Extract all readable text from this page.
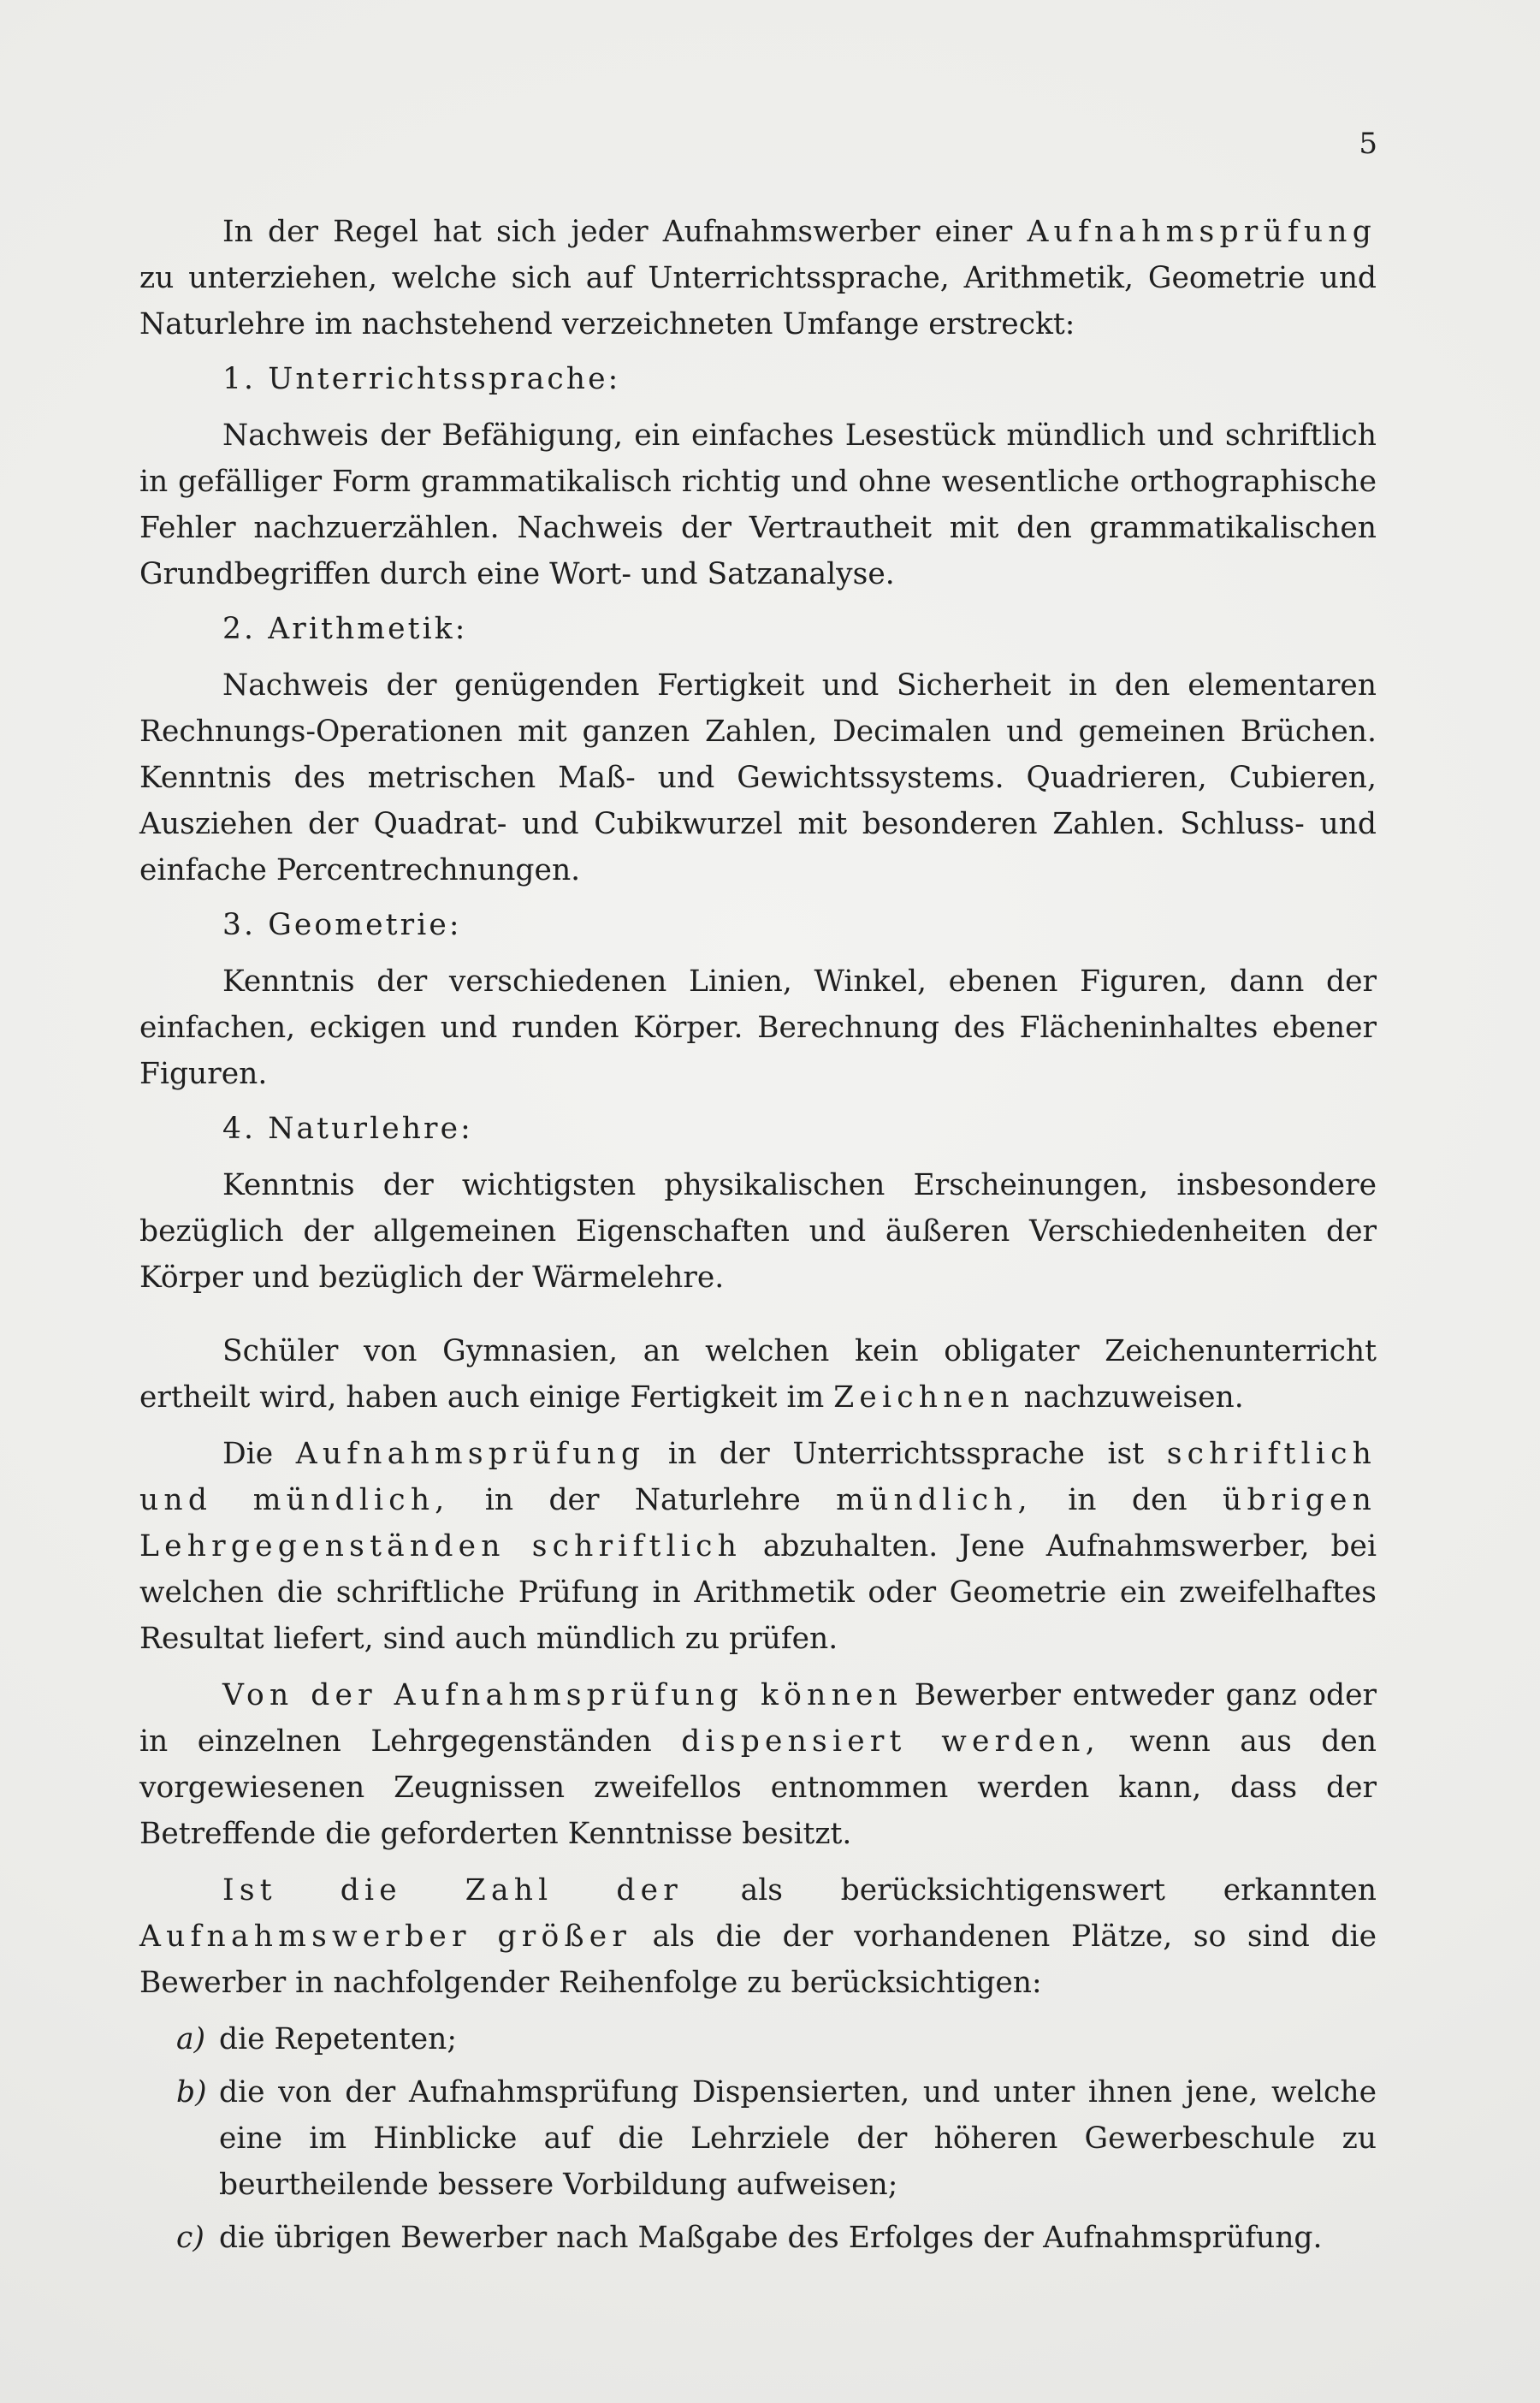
5

In der Regel hat sich jeder Aufnahmswerber einer Aufnahmsprüfung zu unterziehen, welche sich auf Unterrichtssprache, Arithmetik, Geometrie und Naturlehre im nachstehend verzeichneten Umfange erstreckt:

1. Unterrichtssprache:

Nachweis der Befähigung, ein einfaches Lesestück mündlich und schriftlich in gefälliger Form grammatikalisch richtig und ohne wesentliche orthographische Fehler nachzuerzählen. Nachweis der Vertrautheit mit den grammatikalischen Grundbegriffen durch eine Wort- und Satzanalyse.

2. Arithmetik:

Nachweis der genügenden Fertigkeit und Sicherheit in den elementaren Rechnungs-Operationen mit ganzen Zahlen, Decimalen und gemeinen Brüchen. Kenntnis des metrischen Maß- und Gewichtssystems. Quadrieren, Cubieren, Ausziehen der Quadrat- und Cubikwurzel mit besonderen Zahlen. Schluss- und einfache Percentrechnungen.

3. Geometrie:

Kenntnis der verschiedenen Linien, Winkel, ebenen Figuren, dann der einfachen, eckigen und runden Körper. Berechnung des Flächeninhaltes ebener Figuren.

4. Naturlehre:

Kenntnis der wichtigsten physikalischen Erscheinungen, insbesondere bezüglich der allgemeinen Eigenschaften und äußeren Verschiedenheiten der Körper und bezüglich der Wärmelehre.

Schüler von Gymnasien, an welchen kein obligater Zeichenunterricht ertheilt wird, haben auch einige Fertigkeit im Zeichnen nachzuweisen.

Die Aufnahmsprüfung in der Unterrichtssprache ist schriftlich und mündlich, in der Naturlehre mündlich, in den übrigen Lehrgegenständen schriftlich abzuhalten. Jene Aufnahmswerber, bei welchen die schriftliche Prüfung in Arithmetik oder Geometrie ein zweifelhaftes Resultat liefert, sind auch mündlich zu prüfen.

Von der Aufnahmsprüfung können Bewerber entweder ganz oder in einzelnen Lehrgegenständen dispensiert werden, wenn aus den vorgewiesenen Zeugnissen zweifellos entnommen werden kann, dass der Betreffende die geforderten Kenntnisse besitzt.

Ist die Zahl der als berücksichtigenswert erkannten Aufnahmswerber größer als die der vorhandenen Plätze, so sind die Bewerber in nachfolgender Reihenfolge zu berücksichtigen:

a) die Repetenten;
b) die von der Aufnahmsprüfung Dispensierten, und unter ihnen jene, welche eine im Hinblicke auf die Lehrziele der höheren Gewerbeschule zu beurtheilende bessere Vorbildung aufweisen;
c) die übrigen Bewerber nach Maßgabe des Erfolges der Aufnahmsprüfung.
